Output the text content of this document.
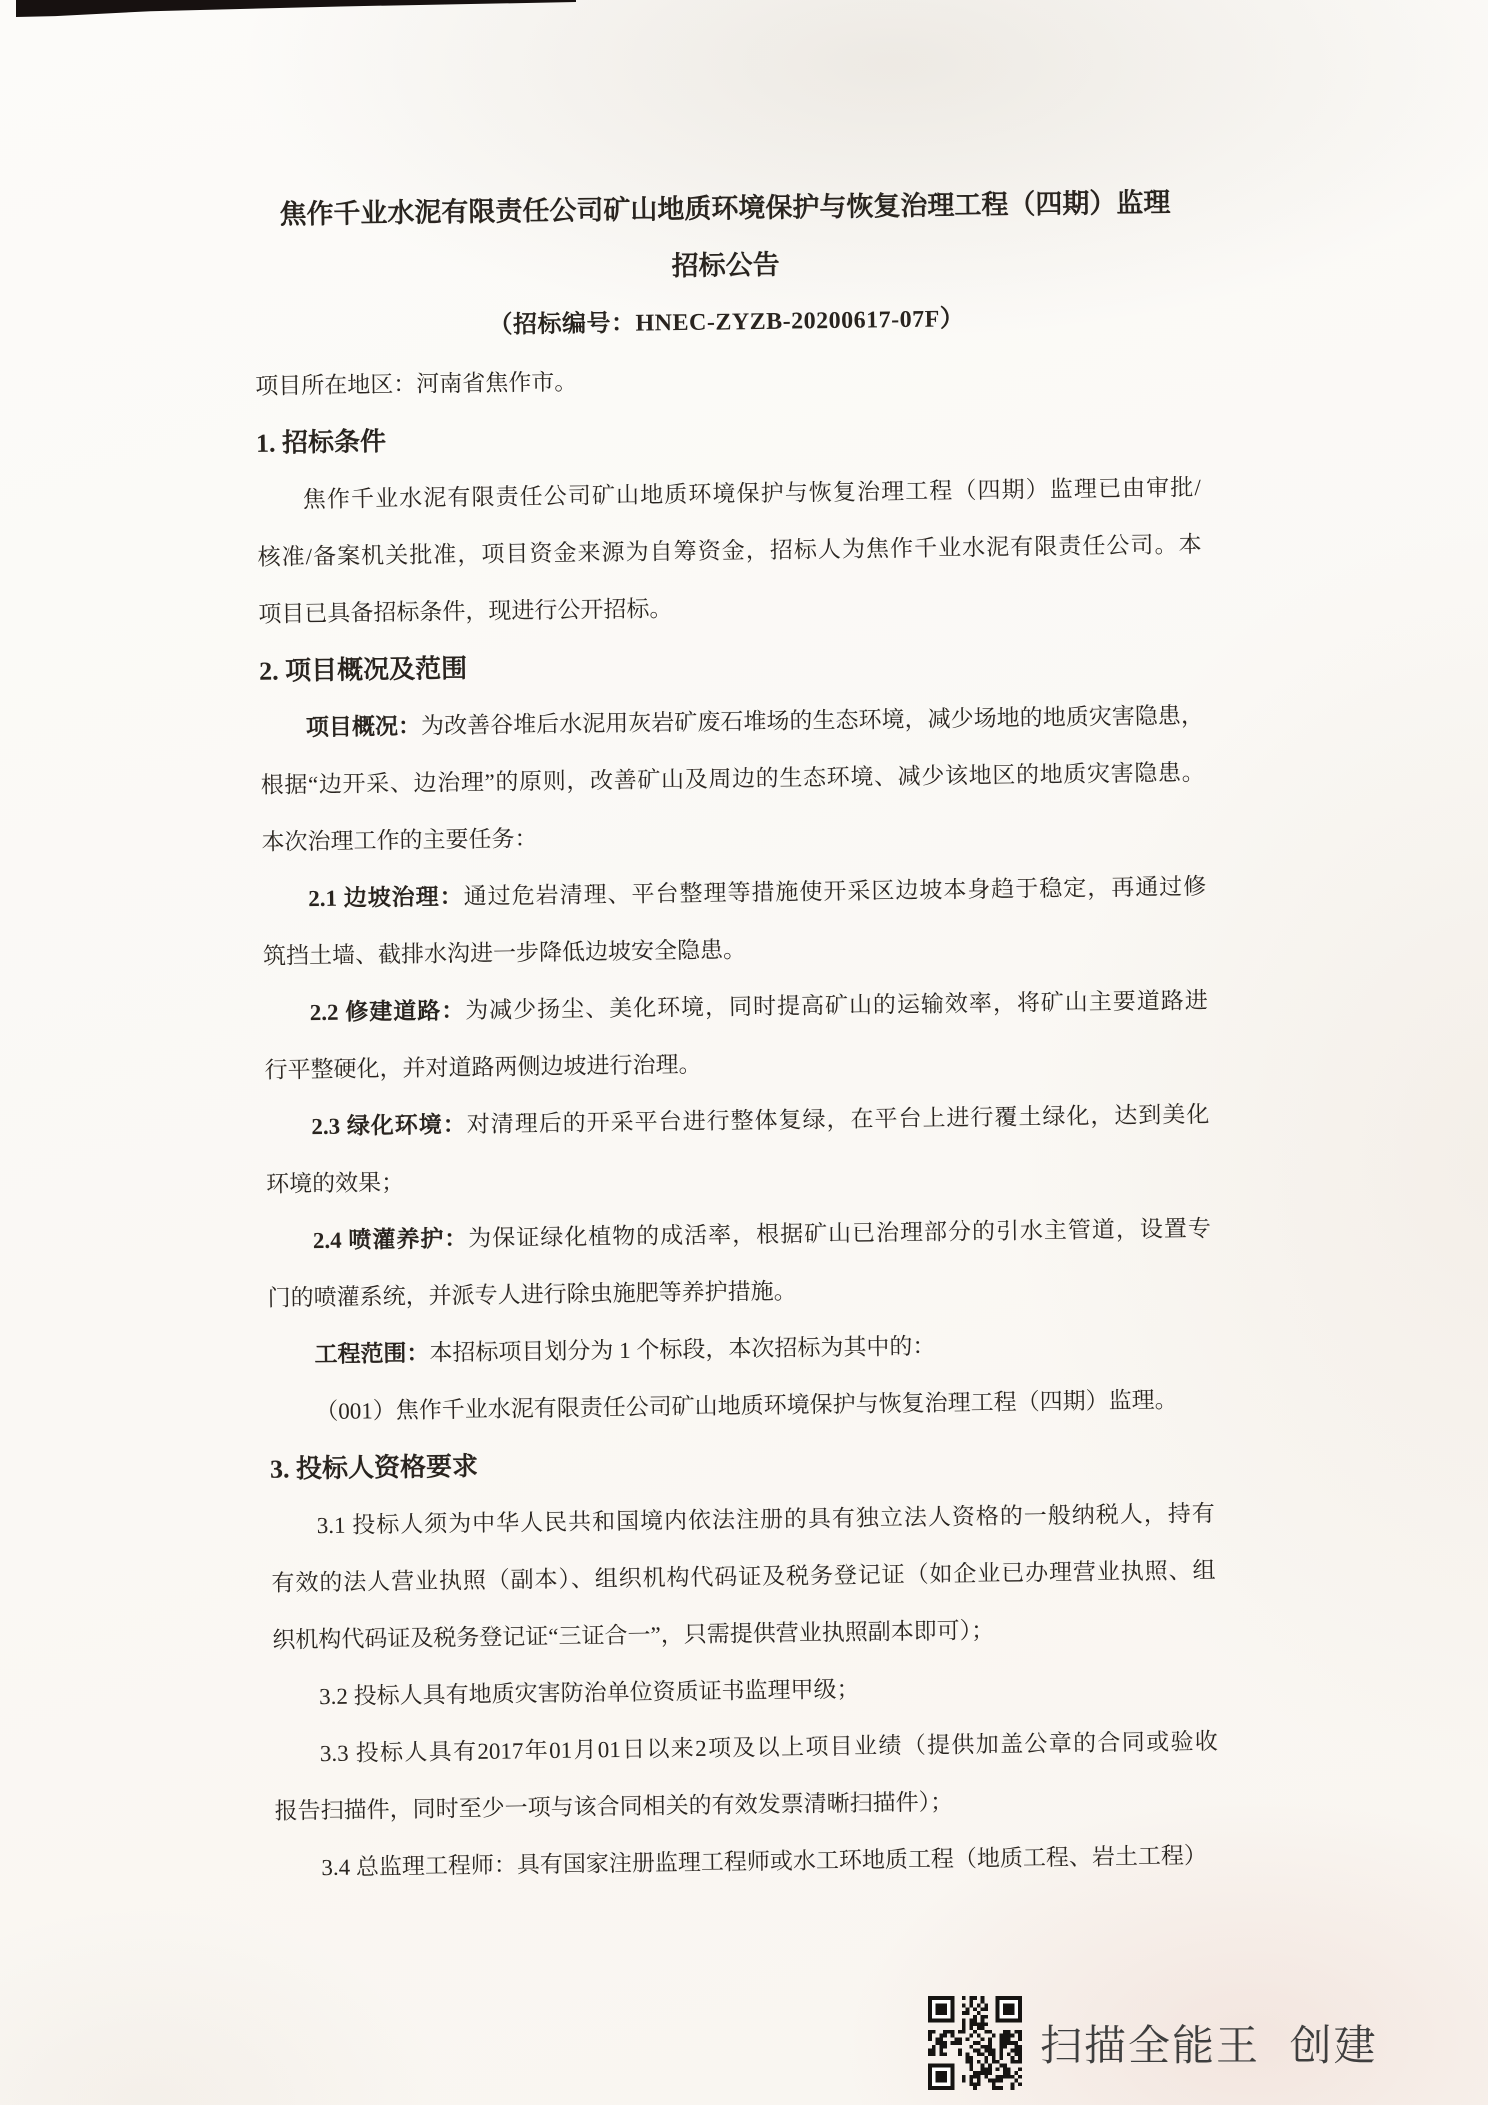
焦作千业水泥有限责任公司矿山地质环境保护与恢复治理工程（四期）监理
招标公告
（招标编号：HNEC-ZYZB-20200617-07F）
项目所在地区：河南省焦作市。
1. 招标条件
焦作千业水泥有限责任公司矿山地质环境保护与恢复治理工程（四期）监理已由审批/
核准/备案机关批准，项目资金来源为自筹资金，招标人为焦作千业水泥有限责任公司。本
项目已具备招标条件，现进行公开招标。
2. 项目概况及范围
项目概况：为改善谷堆后水泥用灰岩矿废石堆场的生态环境，减少场地的地质灾害隐患，
根据“边开采、边治理”的原则，改善矿山及周边的生态环境、减少该地区的地质灾害隐患。
本次治理工作的主要任务：
2.1 边坡治理：通过危岩清理、平台整理等措施使开采区边坡本身趋于稳定，再通过修
筑挡土墙、截排水沟进一步降低边坡安全隐患。
2.2 修建道路：为减少扬尘、美化环境，同时提高矿山的运输效率，将矿山主要道路进
行平整硬化，并对道路两侧边坡进行治理。
2.3 绿化环境：对清理后的开采平台进行整体复绿，在平台上进行覆土绿化，达到美化
环境的效果；
2.4 喷灌养护：为保证绿化植物的成活率，根据矿山已治理部分的引水主管道，设置专
门的喷灌系统，并派专人进行除虫施肥等养护措施。
工程范围：本招标项目划分为 1 个标段，本次招标为其中的：
（001）焦作千业水泥有限责任公司矿山地质环境保护与恢复治理工程（四期）监理。
3. 投标人资格要求
3.1 投标人须为中华人民共和国境内依法注册的具有独立法人资格的一般纳税人，持有
有效的法人营业执照（副本）、组织机构代码证及税务登记证（如企业已办理营业执照、组
织机构代码证及税务登记证“三证合一”，只需提供营业执照副本即可）；
3.2 投标人具有地质灾害防治单位资质证书监理甲级；
3.3 投标人具有2017年01月01日以来2项及以上项目业绩（提供加盖公章的合同或验收
报告扫描件，同时至少一项与该合同相关的有效发票清晰扫描件）；
3.4 总监理工程师：具有国家注册监理工程师或水工环地质工程（地质工程、岩土工程）
扫描全能王 创建
